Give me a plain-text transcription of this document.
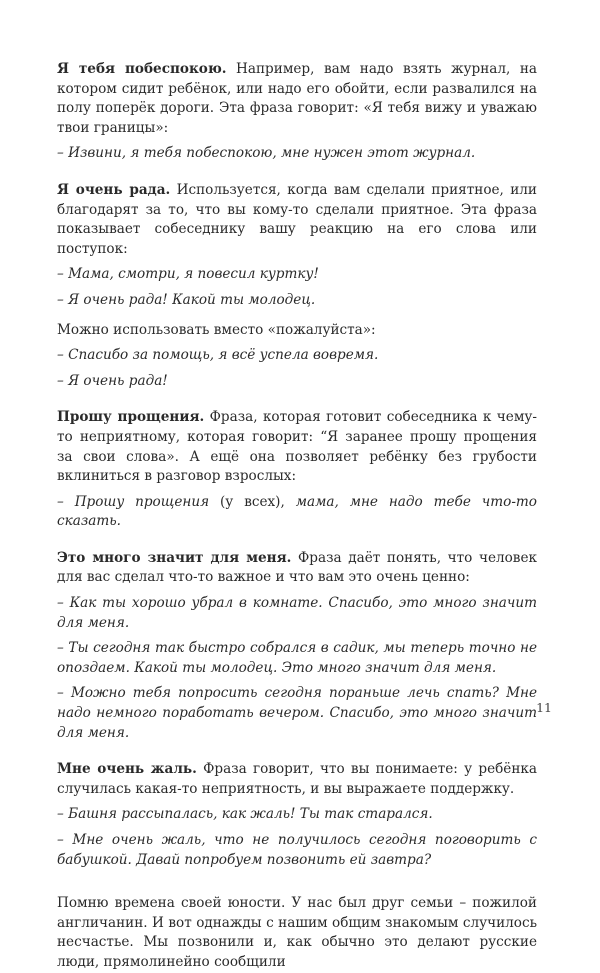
Я тебя побеспокою. Например, вам надо взять журнал, на котором сидит ребёнок, или надо его обойти, если развалился на полу поперёк дороги. Эта фраза говорит: «Я тебя вижу и уважаю твои границы»:

– Извини, я тебя побеспокою, мне нужен этот журнал.

Я очень рада. Используется, когда вам сделали приятное, или благодарят за то, что вы кому-то сделали приятное. Эта фраза показывает собеседнику вашу реакцию на его слова или поступок:

– Мама, смотри, я повесил куртку!

– Я очень рада! Какой ты молодец.

Можно использовать вместо «пожалуйста»:

– Спасибо за помощь, я всё успела вовремя.

– Я очень рада!

Прошу прощения. Фраза, которая готовит собеседника к чему-то неприятному, которая говорит: “Я заранее прошу прощения за свои слова». А ещё она позволяет ребёнку без грубости вклиниться в разговор взрослых:

– Прошу прощения (у всех), мама, мне надо тебе что-то сказать.

Это много значит для меня. Фраза даёт понять, что человек для вас сделал что-то важное и что вам это очень ценно:

– Как ты хорошо убрал в комнате. Спасибо, это много значит для меня.

– Ты сегодня так быстро собрался в садик, мы теперь точно не опоздаем. Какой ты молодец. Это много значит для меня.

– Можно тебя попросить сегодня пораньше лечь спать? Мне надо немного поработать вечером. Спасибо, это много значит для меня.

Мне очень жаль. Фраза говорит, что вы понимаете: у ребёнка случилась какая-то неприятность, и вы выражаете поддержку.

– Башня рассыпалась, как жаль! Ты так старался.

– Мне очень жаль, что не получилось сегодня поговорить с бабушкой. Давай попробуем позвонить ей завтра?

Помню времена своей юности. У нас был друг семьи – пожилой англичанин. И вот однажды с нашим общим знакомым случилось несчастье. Мы позвонили и, как обычно это делают русские люди, прямолинейно сообщили

11
